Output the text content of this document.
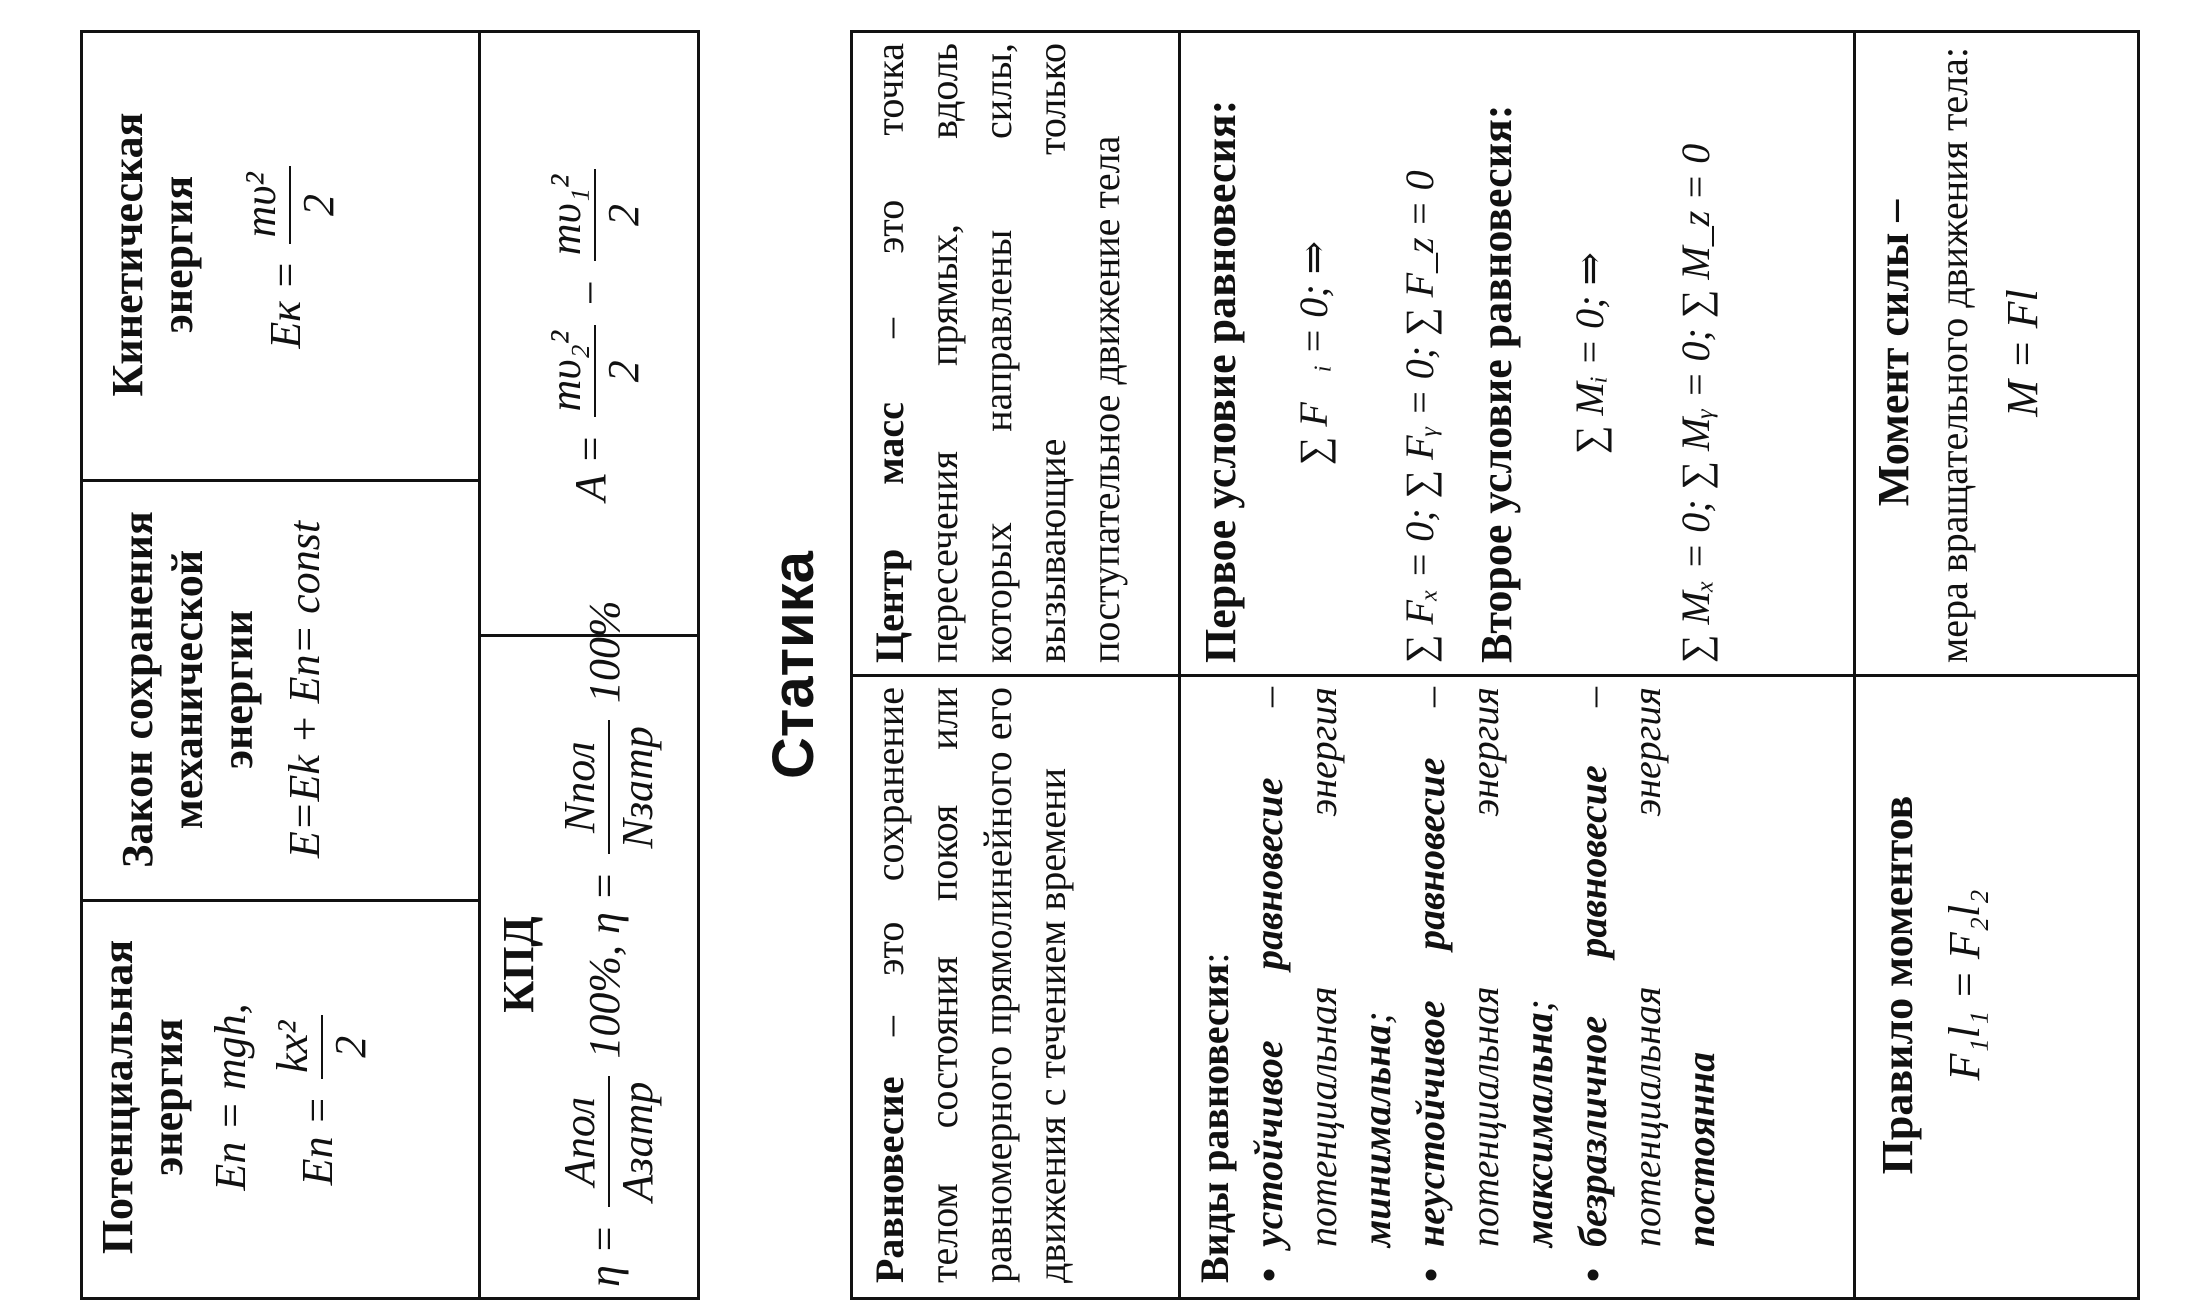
Потенциальная энергия Eп = mgh, Eп =
kx² 2
Закон сохранения механической энергии E=Ek + Eп= const
Кинетическая энергия	Eк =
mυ² 2
КПД
η =
Aпол Aзатр
100%, η =
Nпол Nзатр
100%
A =
mυ₂² 2
−
mυ₁² 2
Статика
Равновесие – это сохранение телом состояния покоя или равномерного прямолинейного его движения с течением времени	Виды равновесия: • устойчивое равновесие – потенциальная энергия минимальна; • неустойчивое равновесие – потенциальная энергия максимальна; • безразличное равновесие – потенциальная энергия постоянна	Правило моментов F₁l₁ = F₂l₂
Центр масс – это точка пересечения прямых, вдоль которых направлены силы, вызывающие только поступательное движение тела	Первое условие равновесия: ∑ F⃗ᵢ = 0; ⇒ ∑ Fₓ = 0; ∑ Fᵧ = 0; ∑ F_z = 0 Второе условие равновесия: ∑ Mᵢ = 0; ⇒ ∑ Mₓ = 0; ∑ Mᵧ = 0; ∑ M_z = 0	Момент силы – мера вращательного движения тела: M = Fl
